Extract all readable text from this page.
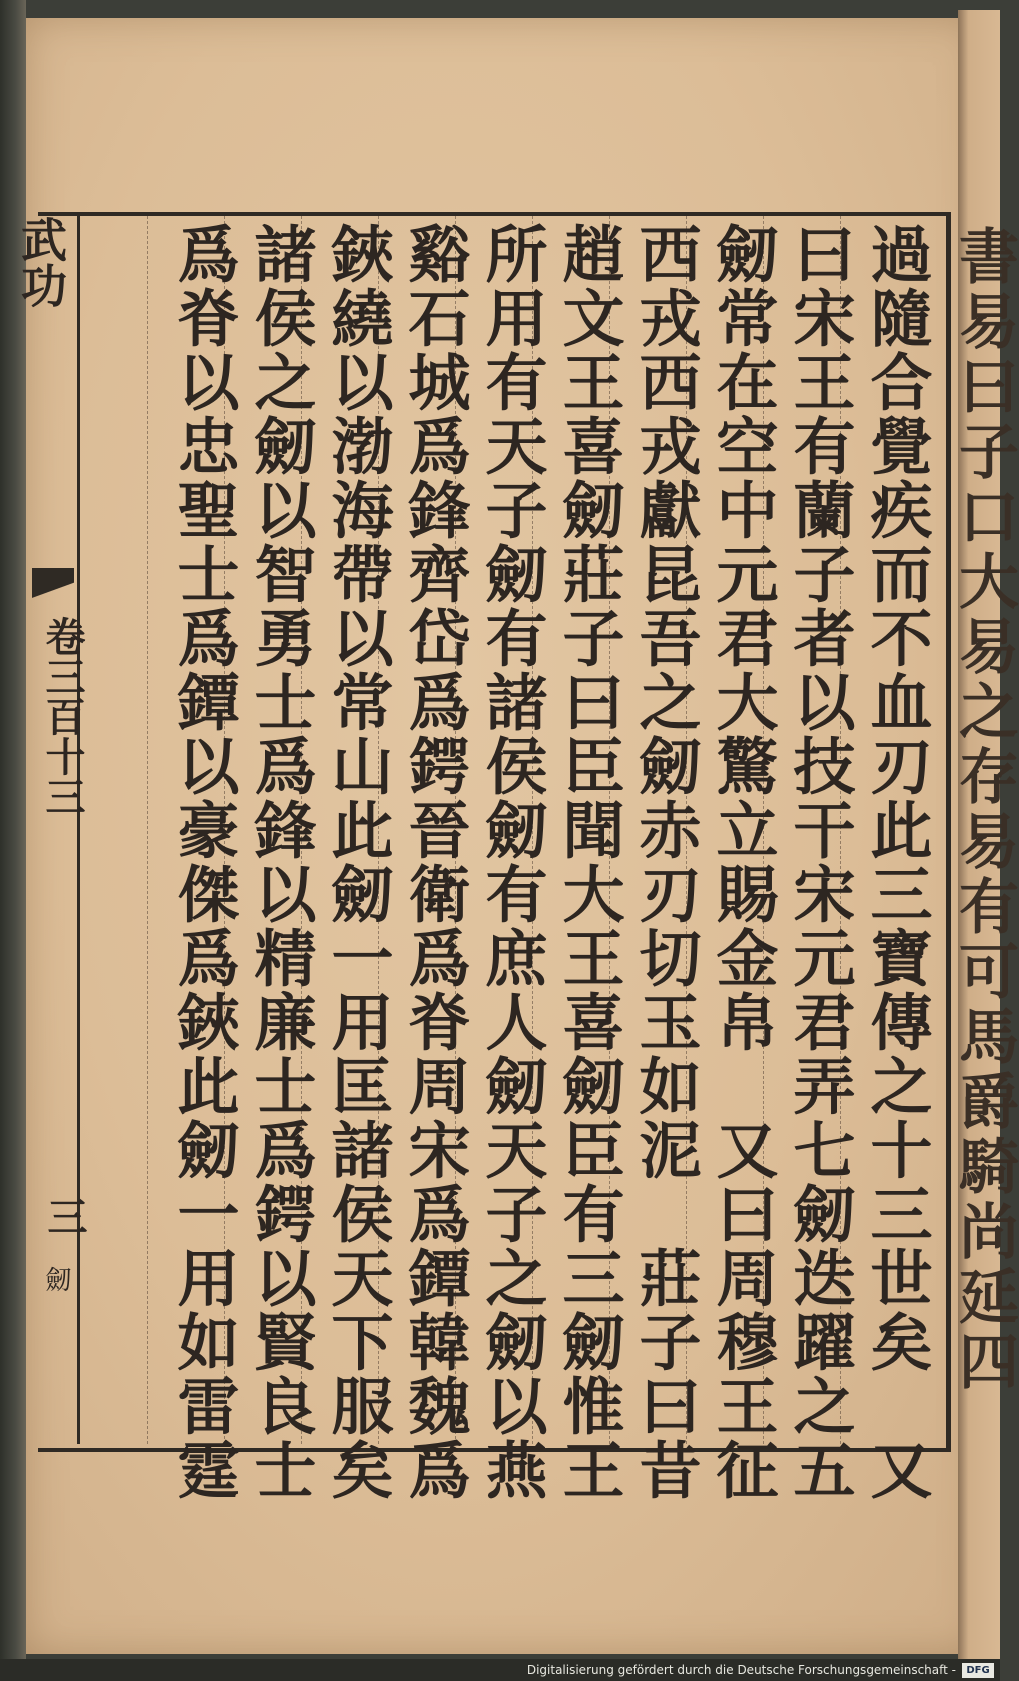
書易曰子口大易之存易有可馬爵騎尚延四
過隨合覺疾而不血刃此三寶傳之十三世矣　又
曰宋王有蘭子者以技干宋元君弄七劒迭躍之五
劒常在空中元君大驚立賜金帛　又曰周穆王征
西戎西戎獻昆吾之劒赤刃切玉如泥　莊子曰昔
趙文王喜劒莊子曰臣聞大王喜劒臣有三劒惟王
所用有天子劒有諸侯劒有庶人劒天子之劒以燕
谿石城爲鋒齊岱爲鍔晉衛爲脊周宋爲鐔韓魏爲
鋏繞以渤海帶以常山此劒一用匡諸侯天下服矣
諸侯之劒以智勇士爲鋒以精廉士爲鍔以賢良士
爲脊以忠聖士爲鐔以豪傑爲鋏此劒一用如雷霆
武功
卷三百十三
三
劒
Digitalisierung gefördert durch die Deutsche Forschungsgemeinschaft -	DFG
